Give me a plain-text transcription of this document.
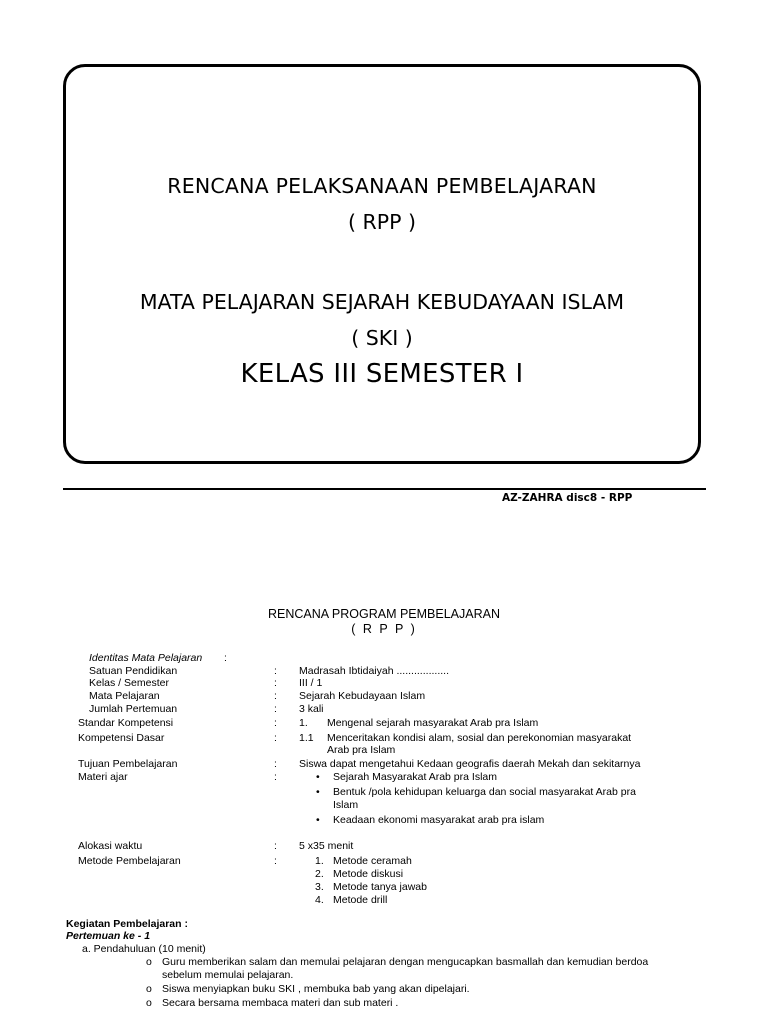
RENCANA PELAKSANAAN PEMBELAJARAN
( RPP )
MATA PELAJARAN SEJARAH KEBUDAYAAN ISLAM
( SKI )
KELAS III SEMESTER I
AZ-ZAHRA disc8 - RPP
RENCANA PROGRAM PEMBELAJARAN
( R P P )
Identitas Mata Pelajaran :
Satuan Pendidikan	: Madrasah Ibtidaiyah ..................
Kelas / Semester	: III / 1
Mata Pelajaran	: Sejarah Kebudayaan Islam
Jumlah Pertemuan	: 3 kali
Standar Kompetensi	: 1. Mengenal sejarah masyarakat Arab pra Islam
Kompetensi Dasar	: 1.1 Menceritakan kondisi alam, sosial dan perekonomian masyarakat
Arab pra Islam
Tujuan Pembelajaran	: Siswa dapat mengetahui Kedaan geografis daerah Mekah dan sekitarnya
Materi ajar	:	• Sejarah Masyarakat Arab pra Islam
• Bentuk /pola kehidupan keluarga dan social masyarakat Arab pra
Islam
• Keadaan ekonomi masyarakat arab pra islam
Alokasi waktu	: 5 x35 menit
Metode Pembelajaran	:	1. Metode ceramah
2. Metode diskusi
3. Metode tanya jawab
4. Metode drill
Kegiatan Pembelajaran :
Pertemuan ke - 1
a. Pendahuluan (10 menit)
o Guru memberikan salam dan memulai pelajaran dengan mengucapkan basmallah dan kemudian berdoa
sebelum memulai pelajaran.
o Siswa menyiapkan buku SKI , membuka bab yang akan dipelajari.
o Secara bersama membaca materi dan sub materi .
